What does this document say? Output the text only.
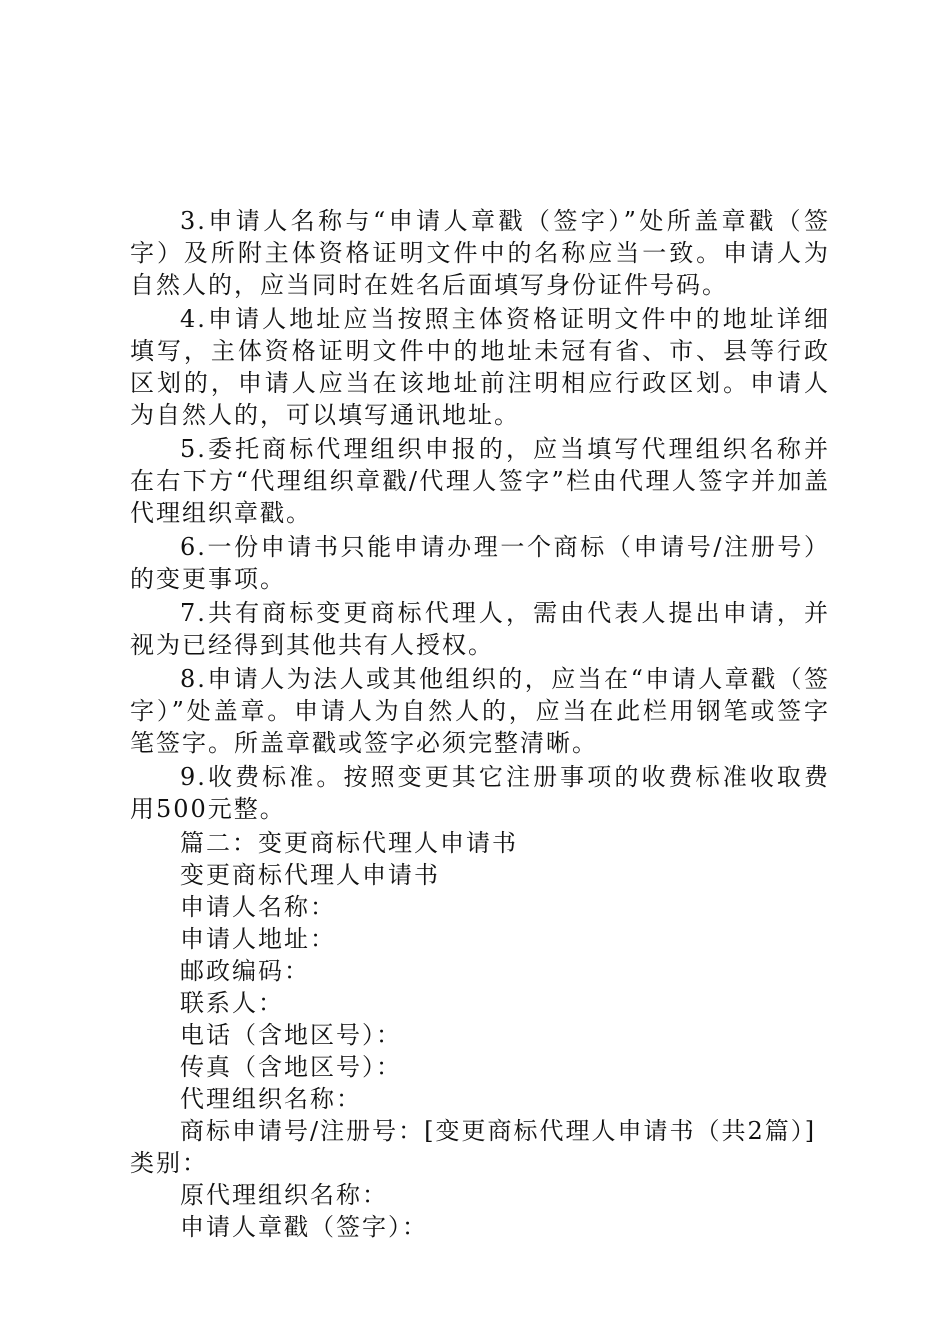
3.申请人名称与“申请人章戳（签字）”处所盖章戳（签字）及所附主体资格证明文件中的名称应当一致。申请人为自然人的，应当同时在姓名后面填写身份证件号码。

4.申请人地址应当按照主体资格证明文件中的地址详细填写，主体资格证明文件中的地址未冠有省、市、县等行政区划的，申请人应当在该地址前注明相应行政区划。申请人为自然人的，可以填写通讯地址。

5.委托商标代理组织申报的，应当填写代理组织名称并在右下方“代理组织章戳/代理人签字”栏由代理人签字并加盖代理组织章戳。

6.一份申请书只能申请办理一个商标（申请号/注册号）的变更事项。

7.共有商标变更商标代理人，需由代表人提出申请，并视为已经得到其他共有人授权。

8.申请人为法人或其他组织的，应当在“申请人章戳（签字）”处盖章。申请人为自然人的，应当在此栏用钢笔或签字笔签字。所盖章戳或签字必须完整清晰。

9.收费标准。按照变更其它注册事项的收费标准收取费用500元整。

篇二：变更商标代理人申请书

变更商标代理人申请书

申请人名称：

申请人地址：

邮政编码：

联系人：

电话（含地区号）：

传真（含地区号）：

代理组织名称：

商标申请号/注册号：[变更商标代理人申请书（共2篇）]类别：

原代理组织名称：

申请人章戳（签字）：
